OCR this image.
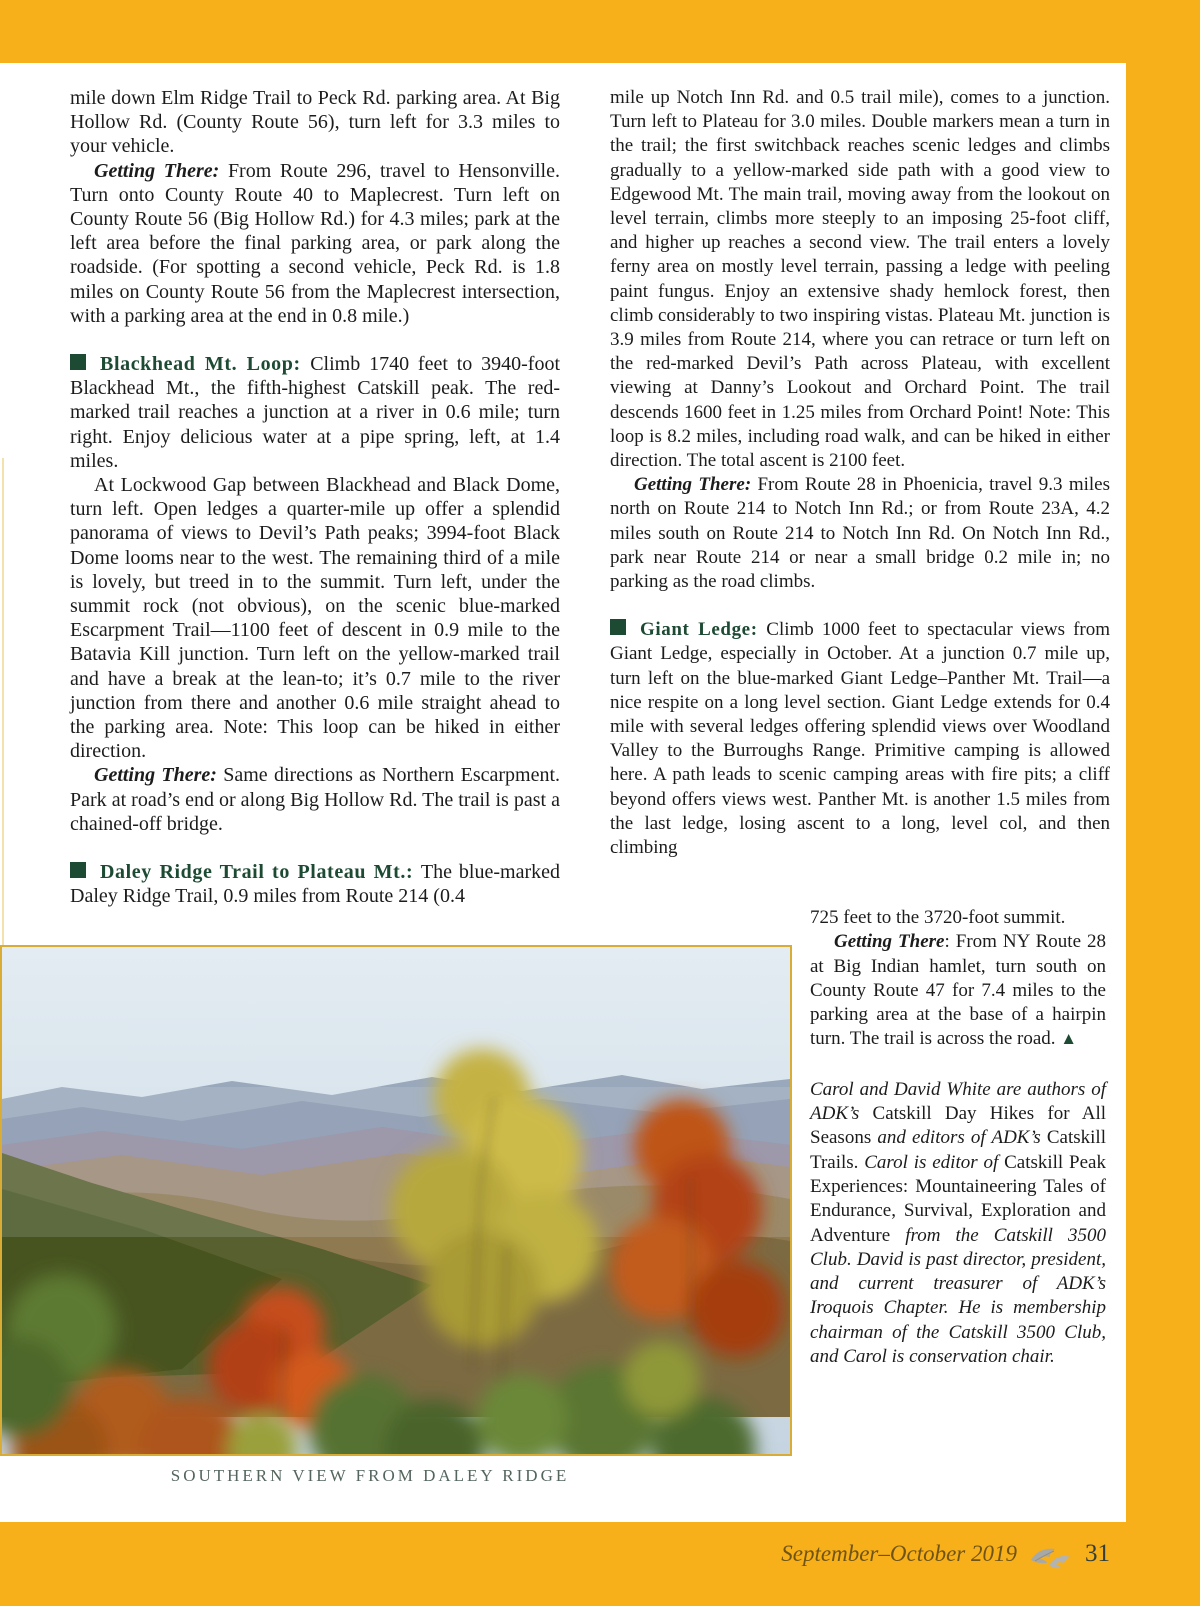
mile down Elm Ridge Trail to Peck Rd. parking area. At Big Hollow Rd. (County Route 56), turn left for 3.3 miles to your vehicle.

Getting There: From Route 296, travel to Hensonville. Turn onto County Route 40 to Maplecrest. Turn left on County Route 56 (Big Hollow Rd.) for 4.3 miles; park at the left area before the final parking area, or park along the roadside. (For spotting a second vehicle, Peck Rd. is 1.8 miles on County Route 56 from the Maplecrest intersection, with a parking area at the end in 0.8 mile.)

Blackhead Mt. Loop: Climb 1740 feet to 3940-foot Blackhead Mt., the fifth-highest Catskill peak. The red-marked trail reaches a junction at a river in 0.6 mile; turn right. Enjoy delicious water at a pipe spring, left, at 1.4 miles.

At Lockwood Gap between Blackhead and Black Dome, turn left. Open ledges a quarter-mile up offer a splendid panorama of views to Devil’s Path peaks; 3994-foot Black Dome looms near to the west. The remaining third of a mile is lovely, but treed in to the summit. Turn left, under the summit rock (not obvious), on the scenic blue-marked Escarpment Trail—1100 feet of descent in 0.9 mile to the Batavia Kill junction. Turn left on the yellow-marked trail and have a break at the lean-to; it’s 0.7 mile to the river junction from there and another 0.6 mile straight ahead to the parking area. Note: This loop can be hiked in either direction.

Getting There: Same directions as Northern Escarpment. Park at road’s end or along Big Hollow Rd. The trail is past a chained-off bridge.

Daley Ridge Trail to Plateau Mt.: The blue-marked Daley Ridge Trail, 0.9 miles from Route 214 (0.4

mile up Notch Inn Rd. and 0.5 trail mile), comes to a junction. Turn left to Plateau for 3.0 miles. Double markers mean a turn in the trail; the first switchback reaches scenic ledges and climbs gradually to a yellow-marked side path with a good view to Edgewood Mt. The main trail, moving away from the lookout on level terrain, climbs more steeply to an imposing 25-foot cliff, and higher up reaches a second view. The trail enters a lovely ferny area on mostly level terrain, passing a ledge with peeling paint fungus. Enjoy an extensive shady hemlock forest, then climb considerably to two inspiring vistas. Plateau Mt. junction is 3.9 miles from Route 214, where you can retrace or turn left on the red-marked Devil’s Path across Plateau, with excellent viewing at Danny’s Lookout and Orchard Point. The trail descends 1600 feet in 1.25 miles from Orchard Point! Note: This loop is 8.2 miles, including road walk, and can be hiked in either direction. The total ascent is 2100 feet.

Getting There: From Route 28 in Phoenicia, travel 9.3 miles north on Route 214 to Notch Inn Rd.; or from Route 23A, 4.2 miles south on Route 214 to Notch Inn Rd. On Notch Inn Rd., park near Route 214 or near a small bridge 0.2 mile in; no parking as the road climbs.

Giant Ledge: Climb 1000 feet to spectacular views from Giant Ledge, especially in October. At a junction 0.7 mile up, turn left on the blue-marked Giant Ledge–Panther Mt. Trail—a nice respite on a long level section. Giant Ledge extends for 0.4 mile with several ledges offering splendid views over Woodland Valley to the Burroughs Range. Primitive camping is allowed here. A path leads to scenic camping areas with fire pits; a cliff beyond offers views west. Panther Mt. is another 1.5 miles from the last ledge, losing ascent to a long, level col, and then climbing

725 feet to the 3720-foot summit.

Getting There: From NY Route 28 at Big Indian hamlet, turn south on County Route 47 for 7.4 miles to the parking area at the base of a hairpin turn. The trail is across the road. ▲

Carol and David White are authors of ADK’s Catskill Day Hikes for All Seasons and editors of ADK’s Catskill Trails. Carol is editor of Catskill Peak Experiences: Mountaineering Tales of Endurance, Survival, Exploration and Adventure from the Catskill 3500 Club. David is past director, president, and current treasurer of ADK’s Iroquois Chapter. He is membership chairman of the Catskill 3500 Club, and Carol is conservation chair.

SOUTHERN VIEW FROM DALEY RIDGE
September–October 2019	31
